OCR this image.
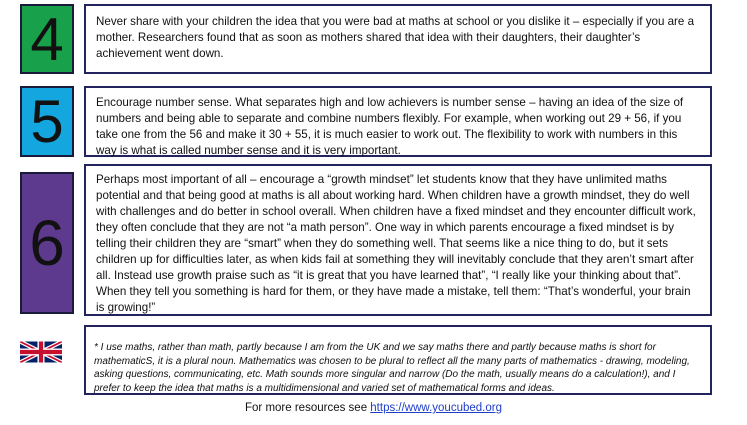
4	Never share with your children the idea that you were bad at maths at school or you dislike it – especially if you are a mother. Researchers found that as soon as mothers shared that idea with their daughters, their daughter’s achievement went down.

5	Encourage number sense. What separates high and low achievers is number sense – having an idea of the size of numbers and being able to separate and combine numbers flexibly. For example, when working out 29 + 56, if you take one from the 56 and make it 30 + 55, it is much easier to work out. The flexibility to work with numbers in this way is what is called number sense and it is very important.

6

Perhaps most important of all – encourage a “growth mindset” let students know that they have unlimited maths potential and that being good at maths is all about working hard. When children have a growth mindset, they do well with challenges and do better in school overall. When children have a fixed mindset and they encounter difficult work, they often conclude that they are not “a math person”. One way in which parents encourage a fixed mindset is by telling their children they are “smart” when they do something well. That seems like a nice thing to do, but it sets children up for difficulties later, as when kids fail at something they will inevitably conclude that they aren’t smart after all. Instead use growth praise such as “it is great that you have learned that”, “I really like your thinking about that”. When they tell you something is hard for them, or they have made a mistake, tell them: “That’s wonderful, your brain is growing!”

* I use maths, rather than math, partly because I am from the UK and we say maths there and partly because maths is short for mathematicS, it is a plural noun. Mathematics was chosen to be plural to reflect all the many parts of mathematics - drawing, modeling, asking questions, communicating, etc. Math sounds more singular and narrow (Do the math, usually means do a calculation!), and I prefer to keep the idea that maths is a multidimensional and varied set of mathematical forms and ideas.

For more resources see https://www.youcubed.org
